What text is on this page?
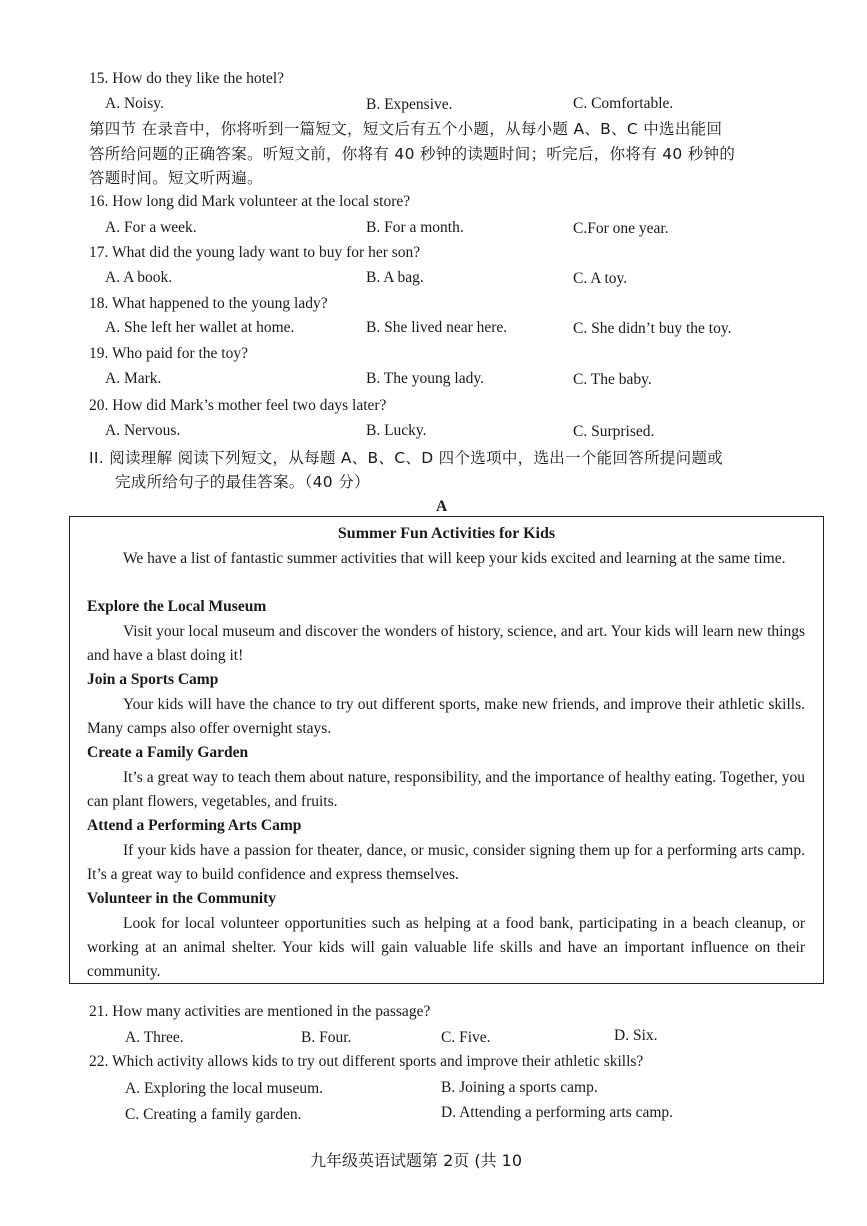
15. How do they like the hotel?
A. Noisy.	B. Expensive.	C. Comfortable.
第四节 在录音中，你将听到一篇短文，短文后有五个小题，从每小题 A、B、C 中选出能回
答所给问题的正确答案。听短文前，你将有 40 秒钟的读题时间；听完后，你将有 40 秒钟的
答题时间。短文听两遍。
16. How long did Mark volunteer at the local store?
A. For a week.	B. For a month.	C.For one year.
17. What did the young lady want to buy for her son?
A. A book.	B. A bag.	C. A toy.
18. What happened to the young lady?
A. She left her wallet at home.	B. She lived near here.	C. She didn’t buy the toy.
19. Who paid for the toy?
A. Mark.	B. The young lady.	C. The baby.
20. How did Mark’s mother feel two days later?
A. Nervous.	B. Lucky.	C. Surprised.
II. 阅读理解 阅读下列短文，从每题 A、B、C、D 四个选项中，选出一个能回答所提问题或
完成所给句子的最佳答案。（40 分）
A
Summer Fun Activities for Kids
We have a list of fantastic summer activities that will keep your kids excited and learning at the same time.
Explore the Local Museum
Visit your local museum and discover the wonders of history, science, and art. Your kids will learn new things and have a blast doing it!
Join a Sports Camp
Your kids will have the chance to try out different sports, make new friends, and improve their athletic skills. Many camps also offer overnight stays.
Create a Family Garden
It’s a great way to teach them about nature, responsibility, and the importance of healthy eating. Together, you can plant flowers, vegetables, and fruits.
Attend a Performing Arts Camp
If your kids have a passion for theater, dance, or music, consider signing them up for a performing arts camp. It’s a great way to build confidence and express themselves.
Volunteer in the Community
Look for local volunteer opportunities such as helping at a food bank, participating in a beach cleanup, or working at an animal shelter. Your kids will gain valuable life skills and have an important influence on their community.
21. How many activities are mentioned in the passage?
A. Three.	B. Four.	C. Five.	D. Six.
22. Which activity allows kids to try out different sports and improve their athletic skills?
A. Exploring the local museum.	B. Joining a sports camp.
C. Creating a family garden.	D. Attending a performing arts camp.
九年级英语试题第 2页 (共 10
